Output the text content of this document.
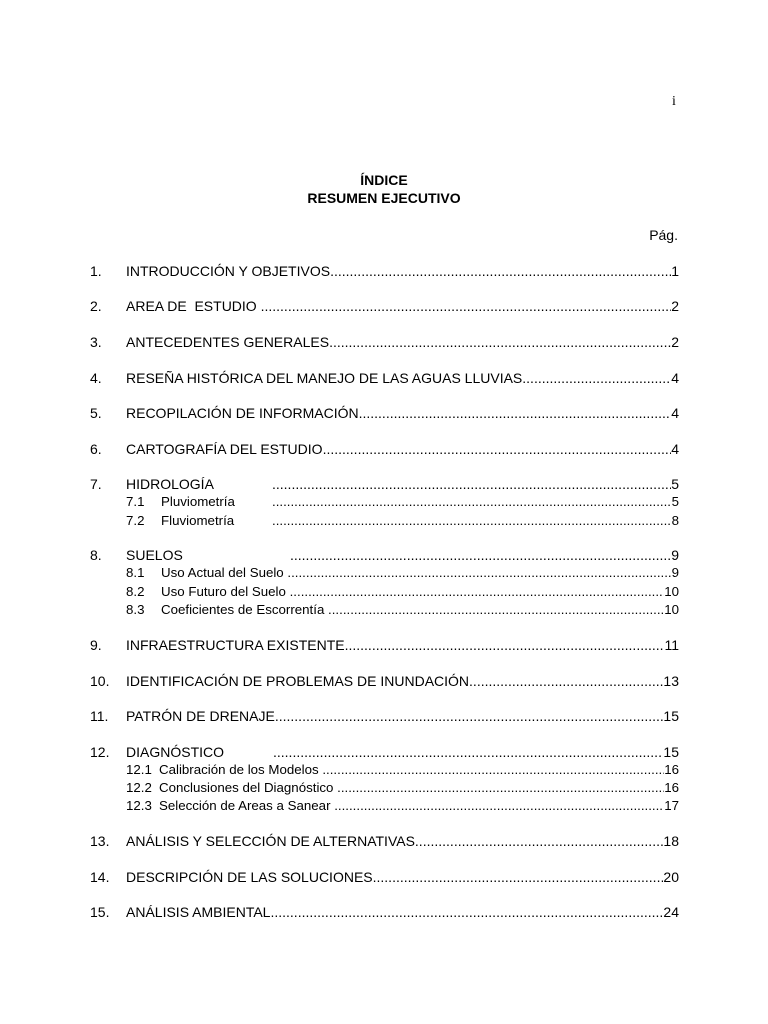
i
ÍNDICE
RESUMEN EJECUTIVO
Pág.
1.	INTRODUCCIÓN Y OBJETIVOS .....	1
2.	AREA DE  ESTUDIO .....	2
3.	ANTECEDENTES GENERALES .....	2
4.	RESEÑA HISTÓRICA DEL MANEJO DE LAS AGUAS LLUVIAS .....	4
5.	RECOPILACIÓN DE INFORMACIÓN .....	4
6.	CARTOGRAFÍA DEL ESTUDIO .....	4
7.	HIDROLOGÍA .....	5
7.1	Pluviometría .....	5
7.2	Fluviometría .....	8
8.	SUELOS .....	9
8.1	Uso Actual del Suelo .....	9
8.2	Uso Futuro del Suelo .....	10
8.3	Coeficientes de Escorrentía .....	10
9.	INFRAESTRUCTURA EXISTENTE .....	11
10.	IDENTIFICACIÓN DE PROBLEMAS DE INUNDACIÓN .....	13
11.	PATRÓN DE DRENAJE .....	15
12.	DIAGNÓSTICO .....	15
12.1 Calibración de los Modelos .....	16
12.2 Conclusiones del Diagnóstico .....	16
12.3 Selección de Areas a Sanear .....	17
13.	ANÁLISIS Y SELECCIÓN DE ALTERNATIVAS .....	18
14.	DESCRIPCIÓN DE LAS SOLUCIONES .....	20
15.	ANÁLISIS AMBIENTAL .....	24
